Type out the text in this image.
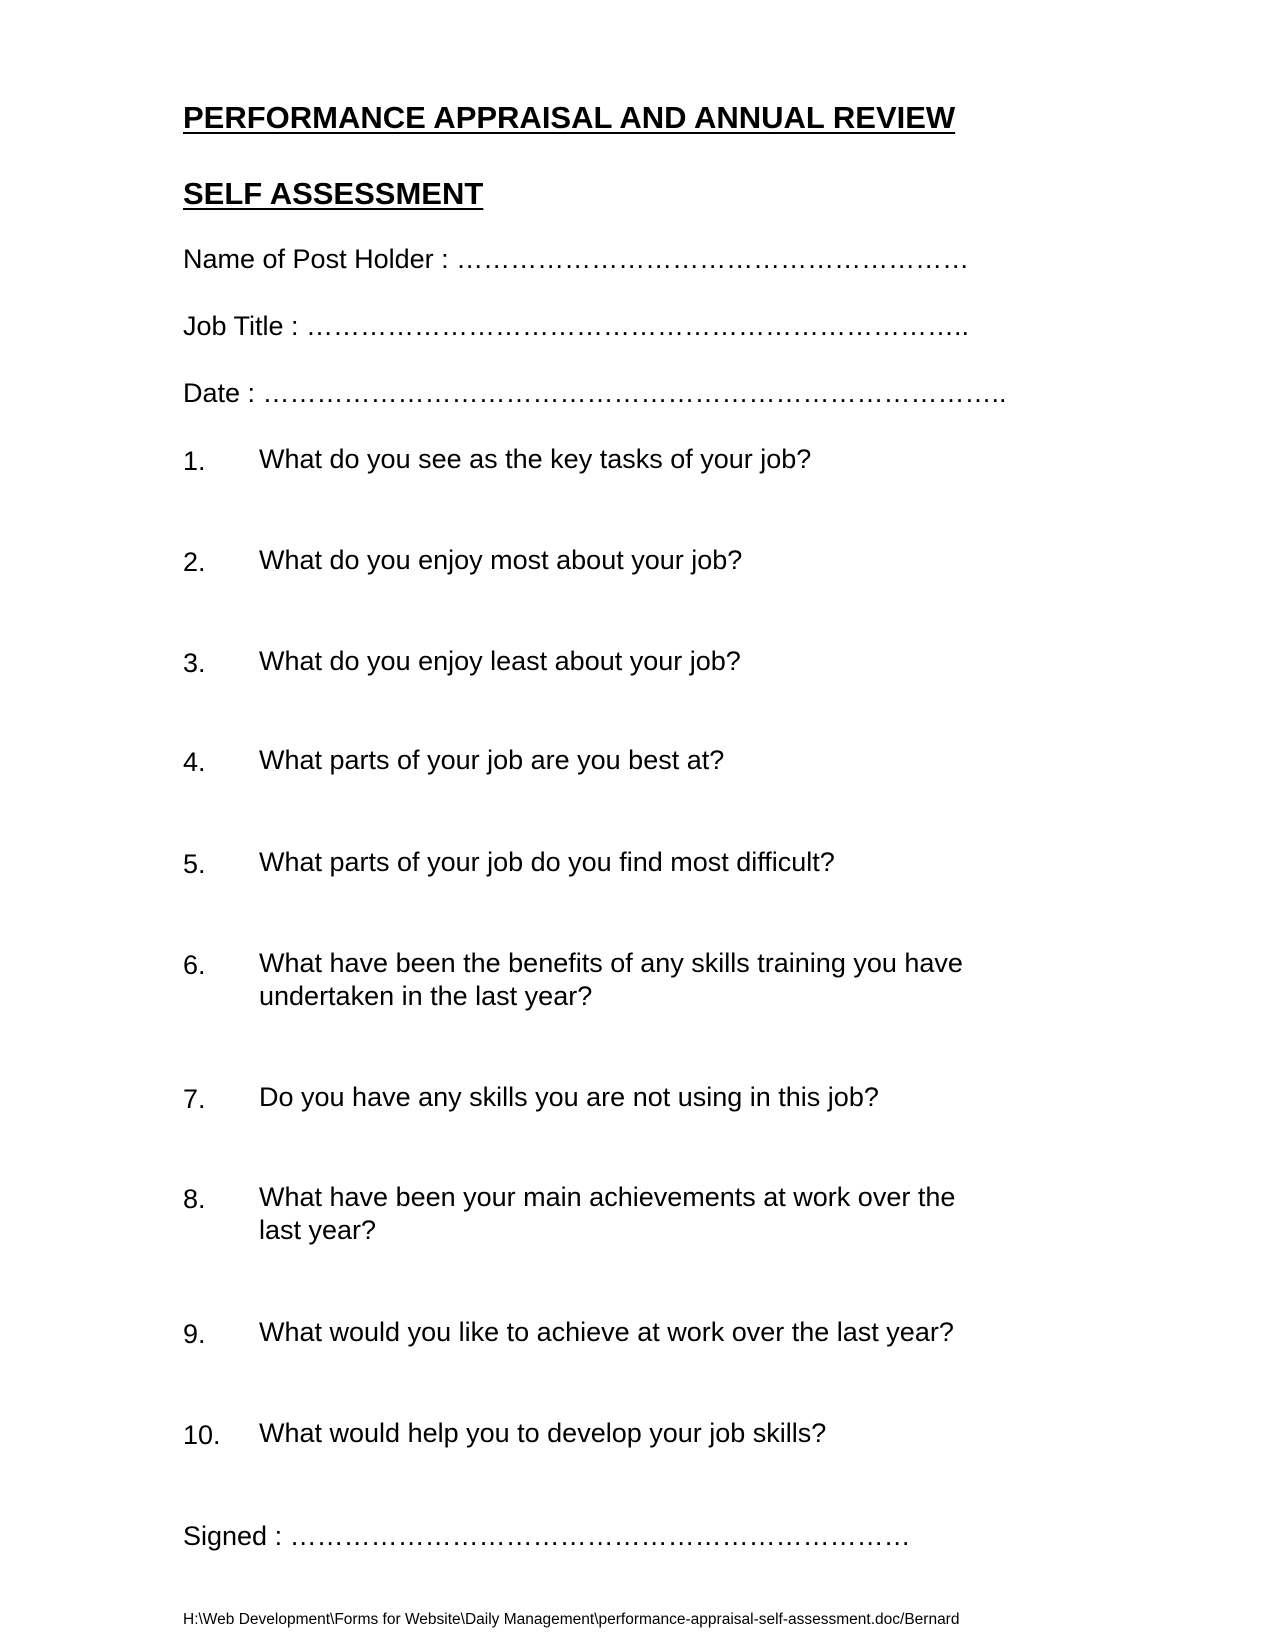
PERFORMANCE APPRAISAL AND ANNUAL REVIEW
SELF ASSESSMENT
Name of Post Holder : …………………………………………………
Job Title : ………………………………………………………………..
Date : ………………………………………………………………………..
1. What do you see as the key tasks of your job?
2. What do you enjoy most about your job?
3. What do you enjoy least about your job?
4. What parts of your job are you best at?
5. What parts of your job do you find most difficult?
6. What have been the benefits of any skills training you have
undertaken in the last year?
7. Do you have any skills you are not using in this job?
8. What have been your main achievements at work over the
last year?
9. What would you like to achieve at work over the last year?
10. What would help you to develop your job skills?
Signed : ……………………………………………………………
H:\Web Development\Forms for Website\Daily Management\performance-appraisal-self-assessment.doc/Bernard
